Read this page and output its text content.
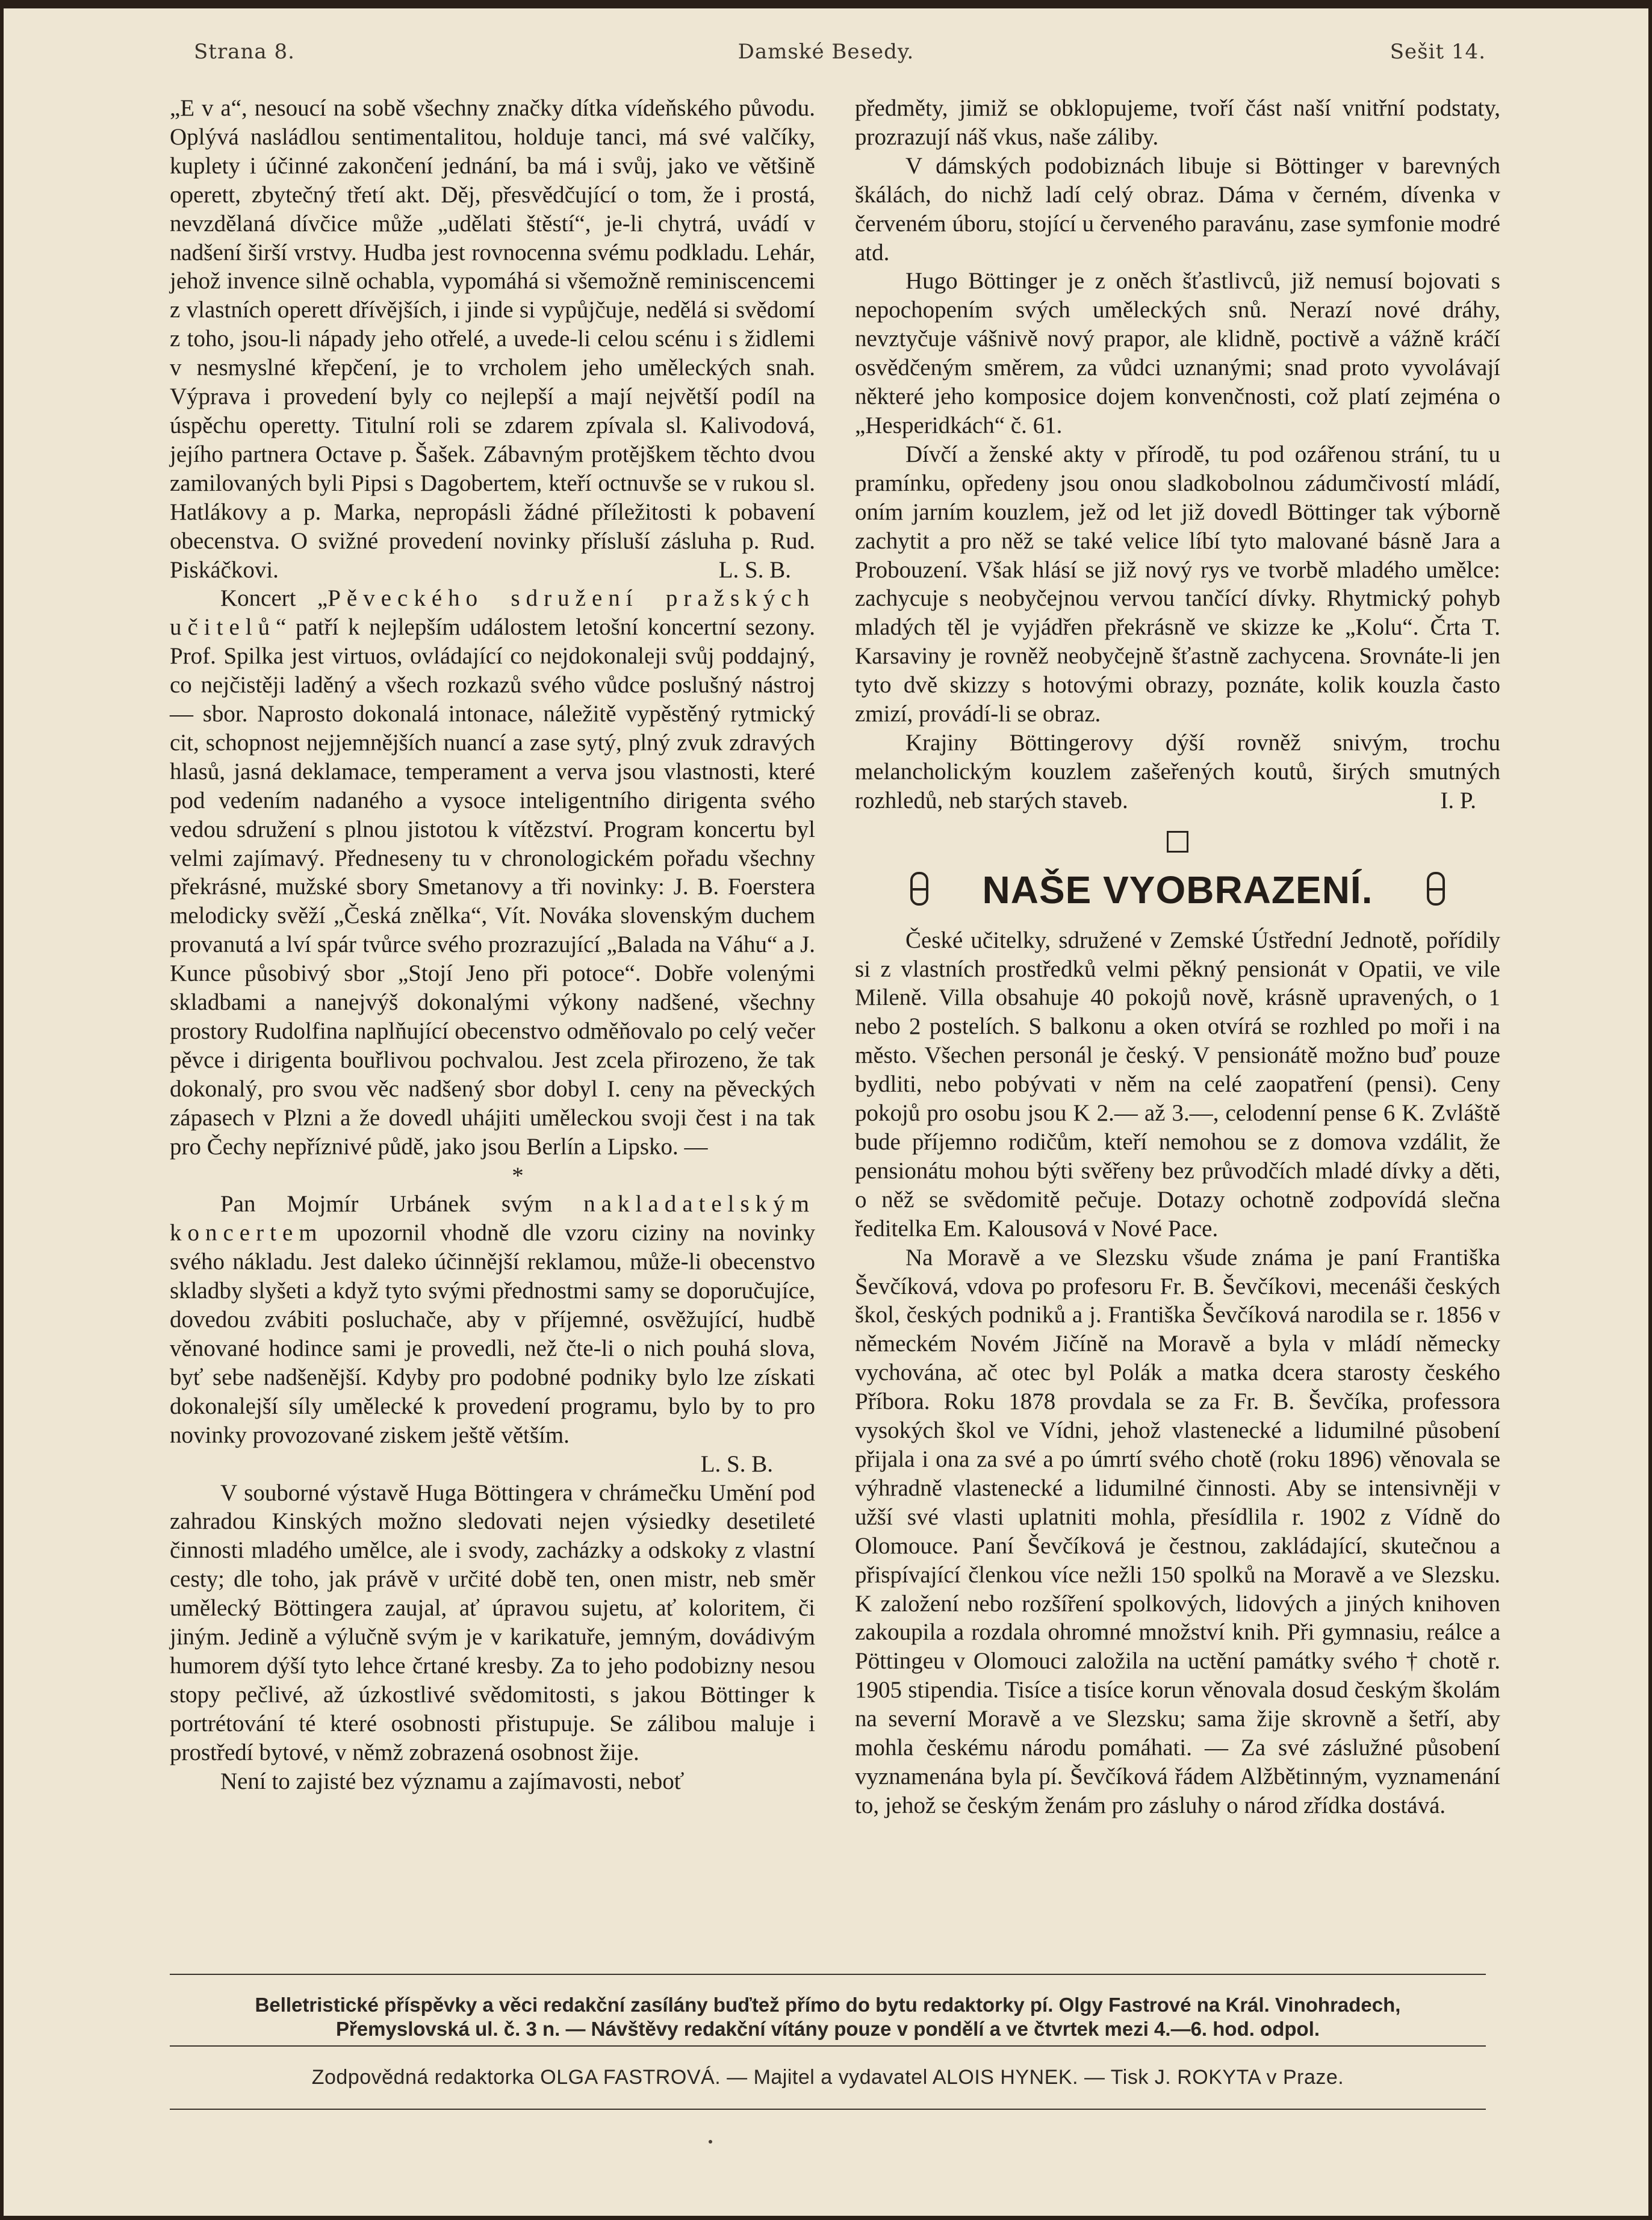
Strana 8.	Damské Besedy.	Sešit 14.

„E v a“, nesoucí na sobě všechny značky dítka vídeňského původu. Oplývá nasládlou sentimentalitou, holduje tanci, má své valčíky, kuplety i účinné zakončení jednání, ba má i svůj, jako ve většině operett, zbytečný třetí akt. Děj, přesvědčující o tom, že i prostá, nevzdělaná dívčice může „udělati štěstí“, je-li chytrá, uvádí v nadšení širší vrstvy. Hudba jest rovnocenna svému podkladu. Lehár, jehož invence silně ochabla, vypomáhá si všemožně reminiscencemi z vlastních operett dřívějších, i jinde si vypůjčuje, nedělá si svědomí z toho, jsou-li nápady jeho otřelé, a uvede-li celou scénu i s židlemi v nesmyslné křepčení, je to vrcholem jeho uměleckých snah. Výprava i provedení byly co nejlepší a mají největší podíl na úspěchu operetty. Titulní roli se zdarem zpívala sl. Kalivodová, jejího partnera Octave p. Šašek. Zábavným protějškem těchto dvou zamilovaných byli Pipsi s Dagobertem, kteří octnuvše se v rukou sl. Hatlákovy a p. Marka, nepropásli žádné příležitosti k pobavení obecenstva. O svižné provedení novinky přísluší zásluha p. Rud. Piskáčkovi.	L. S. B.

Koncert „Pěveckého sdružení pražských učitelů“ patří k nejlepším událostem letošní koncertní sezony. Prof. Spilka jest virtuos, ovládající co nejdokonaleji svůj poddajný, co nejčistěji laděný a všech rozkazů svého vůdce poslušný nástroj — sbor. Naprosto dokonalá intonace, náležitě vypěstěný rytmický cit, schopnost nejjemnějších nuancí a zase sytý, plný zvuk zdravých hlasů, jasná deklamace, temperament a verva jsou vlastnosti, které pod vedením nadaného a vysoce inteligentního dirigenta svého vedou sdružení s plnou jistotou k vítězství. Program koncertu byl velmi zajímavý. Předneseny tu v chronologickém pořadu všechny překrásné, mužské sbory Smetanovy a tři novinky: J. B. Foerstera melodicky svěží „Česká znělka“, Vít. Nováka slovenským duchem provanutá a lví spár tvůrce svého prozrazující „Balada na Váhu“ a J. Kunce působivý sbor „Stojí Jeno při potoce“. Dobře volenými skladbami a nanejvýš dokonalými výkony nadšené, všechny prostory Rudolfina naplňující obecenstvo odměňovalo po celý večer pěvce i dirigenta bouřlivou pochvalou. Jest zcela přirozeno, že tak dokonalý, pro svou věc nadšený sbor dobyl I. ceny na pěveckých zápasech v Plzni a že dovedl uhájiti uměleckou svoji čest i na tak pro Čechy nepříznivé půdě, jako jsou Berlín a Lipsko. —

*

Pan Mojmír Urbánek svým nakladatelským koncertem upozornil vhodně dle vzoru ciziny na novinky svého nákladu. Jest daleko účinnější reklamou, může-li obecenstvo skladby slyšeti a když tyto svými přednostmi samy se doporučujíce, dovedou zvábiti posluchače, aby v příjemné, osvěžující, hudbě věnované hodince sami je provedli, než čte-li o nich pouhá slova, byť sebe nadšenější. Kdyby pro podobné podniky bylo lze získati dokonalejší síly umělecké k provedení programu, bylo by to pro novinky provozované ziskem ještě větším.

L. S. B.

V souborné výstavě Huga Böttingera v chrámečku Umění pod zahradou Kinských možno sledovati nejen výsiedky desetileté činnosti mladého umělce, ale i svody, zacházky a odskoky z vlastní cesty; dle toho, jak právě v určité době ten, onen mistr, neb směr umělecký Böttingera zaujal, ať úpravou sujetu, ať koloritem, či jiným. Jedině a výlučně svým je v karikatuře, jemným, dovádivým humorem dýší tyto lehce črtané kresby. Za to jeho podobizny nesou stopy pečlivé, až úzkostlivé svědomitosti, s jakou Böttinger k portrétování té které osobnosti přistupuje. Se zálibou maluje i prostředí bytové, v němž zobrazená osobnost žije.

Není to zajisté bez významu a zajímavosti, neboť

předměty, jimiž se obklopujeme, tvoří část naší vnitřní podstaty, prozrazují náš vkus, naše záliby.

V dámských podobiznách libuje si Böttinger v barevných škálách, do nichž ladí celý obraz. Dáma v černém, dívenka v červeném úboru, stojící u červeného paravánu, zase symfonie modré atd.

Hugo Böttinger je z oněch šťastlivců, již nemusí bojovati s nepochopením svých uměleckých snů. Nerazí nové dráhy, nevztyčuje vášnivě nový prapor, ale klidně, poctivě a vážně kráčí osvědčeným směrem, za vůdci uznanými; snad proto vyvolávají některé jeho komposice dojem konvenčnosti, což platí zejména o „Hesperidkách“ č. 61.

Dívčí a ženské akty v přírodě, tu pod ozářenou strání, tu u pramínku, opředeny jsou onou sladkobolnou zádumčivostí mládí, oním jarním kouzlem, jež od let již dovedl Böttinger tak výborně zachytit a pro něž se také velice líbí tyto malované básně Jara a Probouzení. Však hlásí se již nový rys ve tvorbě mladého umělce: zachycuje s neobyčejnou vervou tančící dívky. Rhytmický pohyb mladých těl je vyjádřen překrásně ve skizze ke „Kolu“. Črta T. Karsaviny je rovněž neobyčejně šťastně zachycena. Srovnáte-li jen tyto dvě skizzy s hotovými obrazy, poznáte, kolik kouzla často zmizí, provádí-li se obraz.

Krajiny Böttingerovy dýší rovněž snivým, trochu melancholickým kouzlem zašeřených koutů, širých smutných rozhledů, neb starých staveb.	I. P.

NAŠE VYOBRAZENÍ.

České učitelky, sdružené v Zemské Ústřední Jednotě, pořídily si z vlastních prostředků velmi pěkný pensionát v Opatii, ve vile Mileně. Villa obsahuje 40 pokojů nově, krásně upravených, o 1 nebo 2 postelích. S balkonu a oken otvírá se rozhled po moři i na město. Všechen personál je český. V pensionátě možno buď pouze bydliti, nebo pobývati v něm na celé zaopatření (pensi). Ceny pokojů pro osobu jsou K 2.— až 3.—, celodenní pense 6 K. Zvláště bude příjemno rodičům, kteří nemohou se z domova vzdálit, že pensionátu mohou býti svěřeny bez průvodčích mladé dívky a děti, o něž se svědomitě pečuje. Dotazy ochotně zodpovídá slečna ředitelka Em. Kalousová v Nové Pace.

Na Moravě a ve Slezsku všude známa je paní Františka Ševčíková, vdova po profesoru Fr. B. Ševčíkovi, mecenáši českých škol, českých podniků a j. Františka Ševčíková narodila se r. 1856 v německém Novém Jičíně na Moravě a byla v mládí německy vychována, ač otec byl Polák a matka dcera starosty českého Příbora. Roku 1878 provdala se za Fr. B. Ševčíka, professora vysokých škol ve Vídni, jehož vlastenecké a lidumilné působení přijala i ona za své a po úmrtí svého chotě (roku 1896) věnovala se výhradně vlastenecké a lidumilné činnosti. Aby se intensivněji v užší své vlasti uplatniti mohla, přesídlila r. 1902 z Vídně do Olomouce. Paní Ševčíková je čestnou, zakládající, skutečnou a přispívající členkou více nežli 150 spolků na Moravě a ve Slezsku. K založení nebo rozšíření spolkových, lidových a jiných knihoven zakoupila a rozdala ohromné množství knih. Při gymnasiu, reálce a Pöttingeu v Olomouci založila na uctění památky svého † chotě r. 1905 stipendia. Tisíce a tisíce korun věnovala dosud českým školám na severní Moravě a ve Slezsku; sama žije skrovně a šetří, aby mohla českému národu pomáhati. — Za své záslužné působení vyznamenána byla pí. Ševčíková řádem Alžbětinným, vyznamenání to, jehož se českým ženám pro zásluhy o národ zřídka dostává.

Belletristické příspěvky a věci redakční zasílány buďtež přímo do bytu redaktorky pí. Olgy Fastrové na Král. Vinohradech,
Přemyslovská ul. č. 3 n. — Návštěvy redakční vítány pouze v pondělí a ve čtvrtek mezi 4.—6. hod. odpol.
Zodpovědná redaktorka OLGA FASTROVÁ. — Majitel a vydavatel ALOIS HYNEK. — Tisk J. ROKYTA v Praze.
